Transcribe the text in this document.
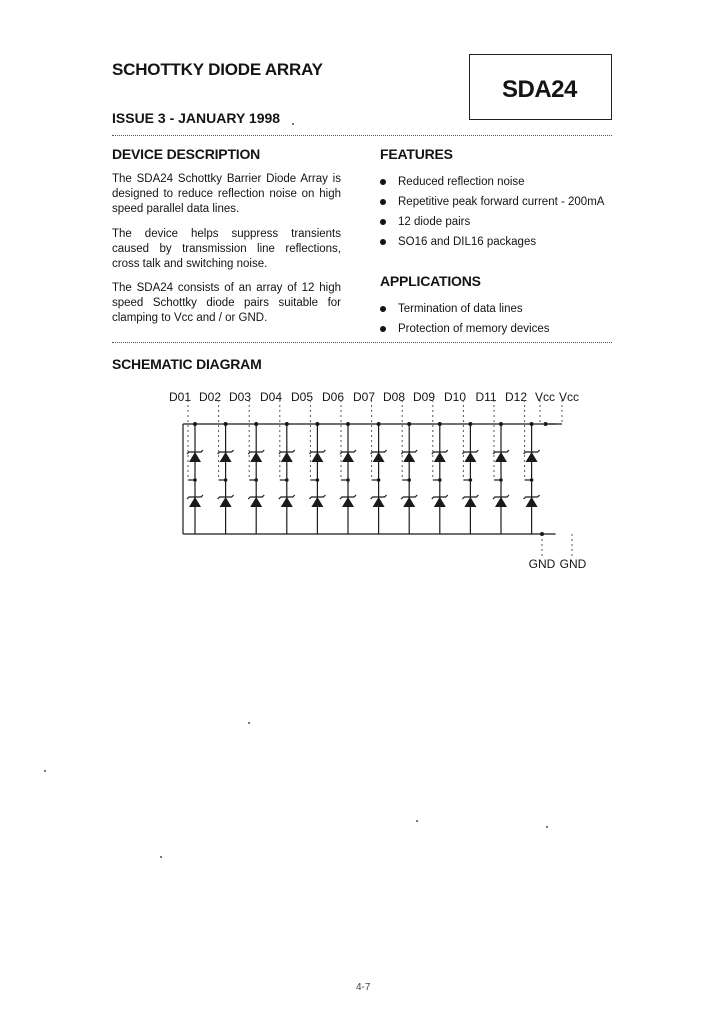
SCHOTTKY DIODE ARRAY
SDA24
ISSUE 3 - JANUARY 1998
DEVICE DESCRIPTION
The SDA24 Schottky Barrier Diode Array is designed to reduce reflection noise on high speed parallel data lines.
The device helps suppress transients caused by transmission line reflections, cross talk and switching noise.
The SDA24 consists of an array of 12 high speed Schottky diode pairs suitable for clamping to Vcc and / or GND.
FEATURES
Reduced reflection noise
Repetitive peak forward current - 200mA
12 diode pairs
SO16 and DIL16 packages
APPLICATIONS
Termination of data lines
Protection of memory devices
SCHEMATIC DIAGRAM
D01 D02 D03 D04 D05 D06 D07 D08 D09 D10 D11 D12 Vcc Vcc
GND GND
4-7
